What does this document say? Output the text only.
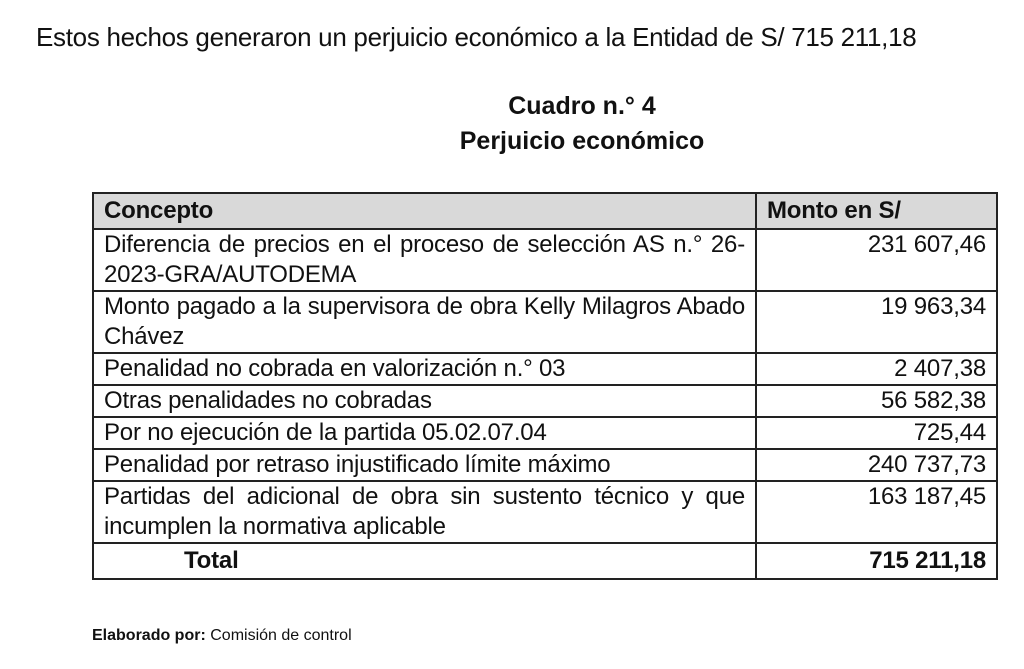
Estos hechos generaron un perjuicio económico a la Entidad de S/ 715 211,18
Cuadro n.° 4
Perjuicio económico
Concepto	Monto en S/
Diferencia de precios en el proceso de selección AS n.° 26-2023-GRA/AUTODEMA	231 607,46
Monto pagado a la supervisora de obra Kelly Milagros Abado Chávez	19 963,34
Penalidad no cobrada en valorización n.° 03	2 407,38
Otras penalidades no cobradas	56 582,38
Por no ejecución de la partida 05.02.07.04	725,44
Penalidad por retraso injustificado límite máximo	240 737,73
Partidas del adicional de obra sin sustento técnico y que incumplen la normativa aplicable	163 187,45
Total	715 211,18
Elaborado por: Comisión de control
